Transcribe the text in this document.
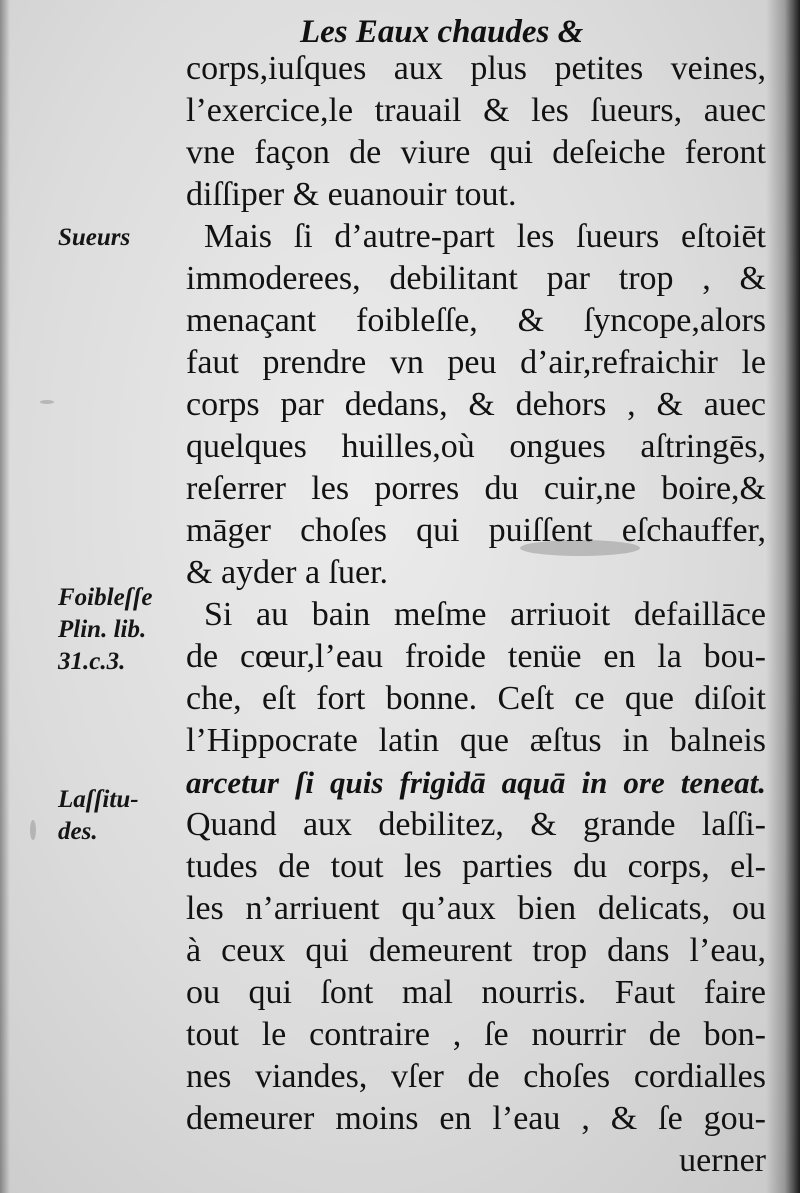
Les Eaux chaudes &
corps,iuſques aux plus petites veines,
l’exercice,le trauail & les ſueurs, auec
vne façon de viure qui deſeiche feront
diſſiper & euanouir tout.
Mais ſi d’autre-part les ſueurs eſtoiēt
immoderees, debilitant par trop , &
menaçant foibleſſe, & ſyncope,alors
faut prendre vn peu d’air,refraichir le
corps par dedans, & dehors , & auec
quelques huilles,où ongues aſtringēs,
reſerrer les porres du cuir,ne boire,&
māger choſes qui puiſſent eſchauffer,
& ayder a ſuer.
Si au bain meſme arriuoit defaillāce
de cœur,l’eau froide tenüe en la bou-
che, eſt fort bonne. Ceſt ce que diſoit
l’Hippocrate latin que æſtus in balneis
arcetur ſi quis frigidā aquā in ore teneat.
Quand aux debilitez, & grande laſſi-
tudes de tout les parties du corps, el-
les n’arriuent qu’aux bien delicats, ou
à ceux qui demeurent trop dans l’eau,
ou qui ſont mal nourris. Faut faire
tout le contraire , ſe nourrir de bon-
nes viandes, vſer de choſes cordialles
demeurer moins en l’eau , & ſe gou-
uerner
Sueurs
Foibleſſe
Plin. lib.
31.c.3.
Laſſitu-
des.
